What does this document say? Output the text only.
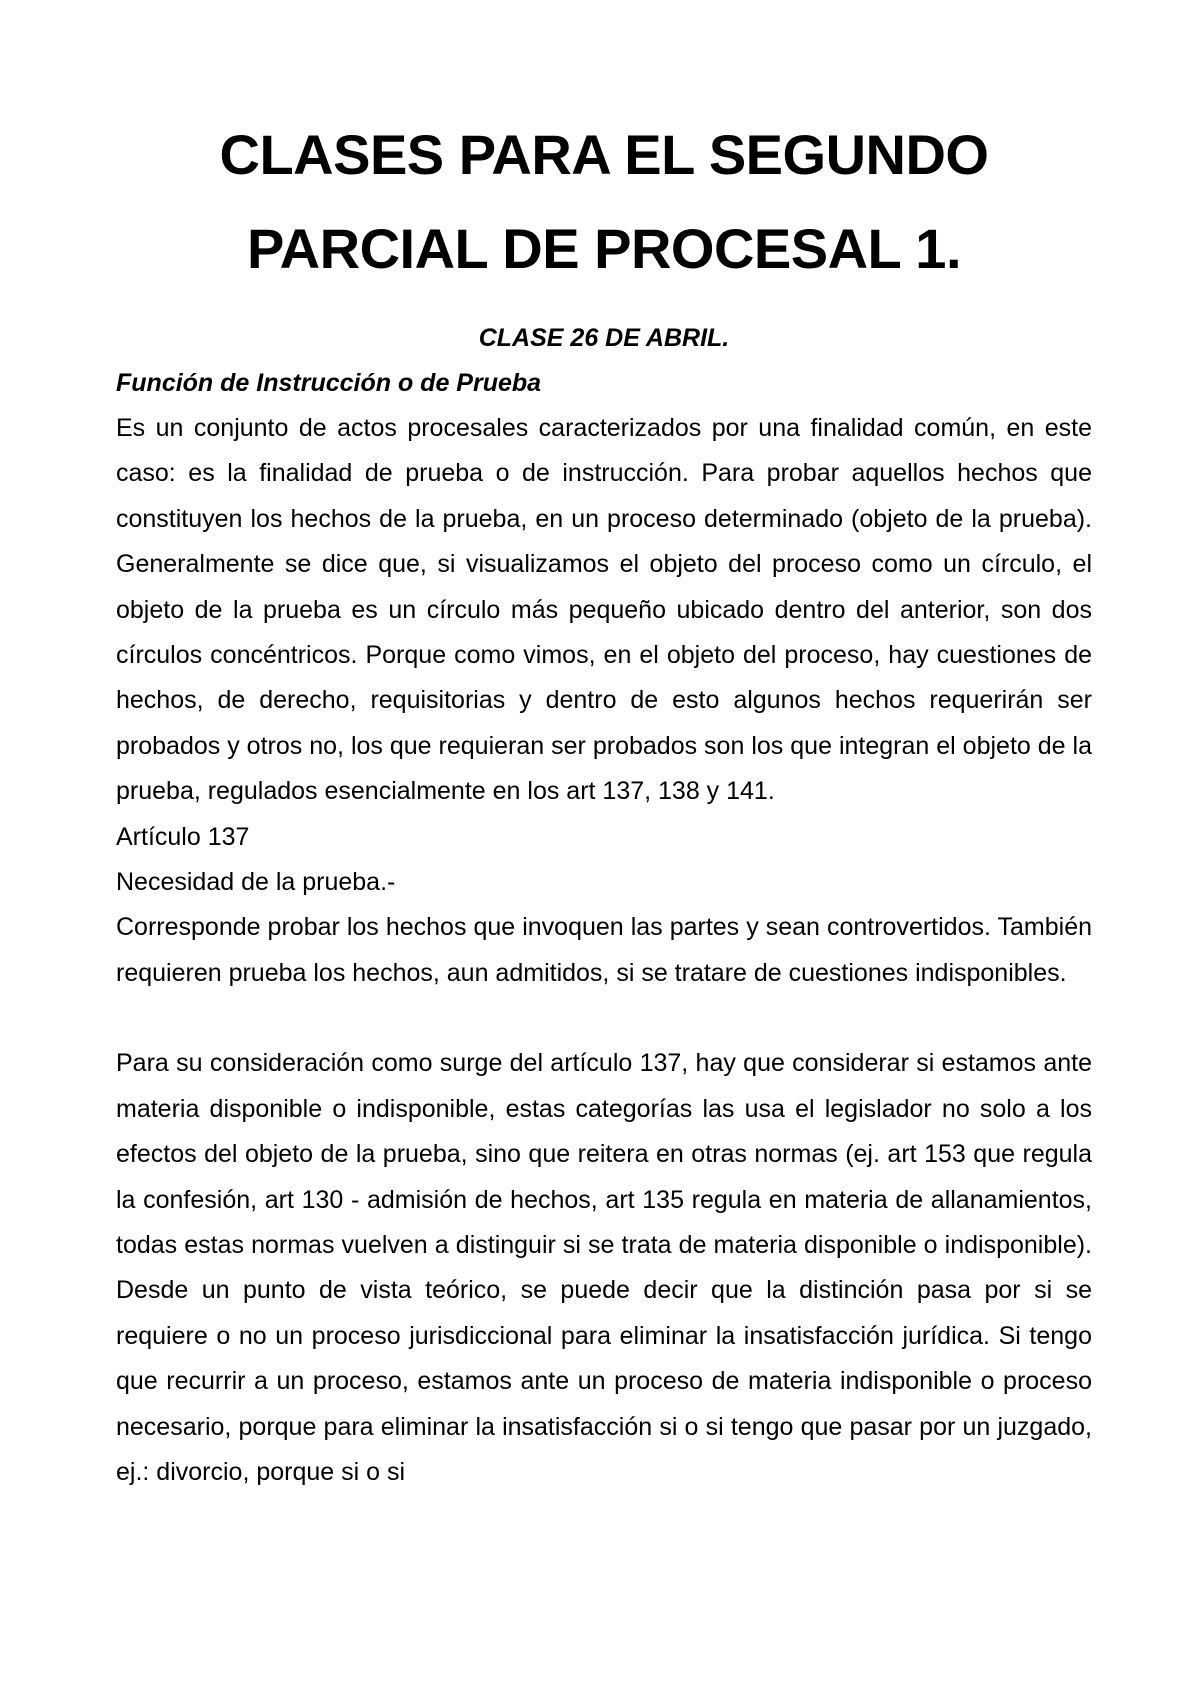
CLASES PARA EL SEGUNDO
PARCIAL DE PROCESAL 1.

CLASE 26 DE ABRIL.

Función de Instrucción o de Prueba

Es un conjunto de actos procesales caracterizados por una finalidad común, en este caso: es la finalidad de prueba o de instrucción. Para probar aquellos hechos que constituyen los hechos de la prueba, en un proceso determinado (objeto de la prueba). Generalmente se dice que, si visualizamos el objeto del proceso como un círculo, el objeto de la prueba es un círculo más pequeño ubicado dentro del anterior, son dos círculos concéntricos. Porque como vimos, en el objeto del proceso, hay cuestiones de hechos, de derecho, requisitorias y dentro de esto algunos hechos requerirán ser probados y otros no, los que requieran ser probados son los que integran el objeto de la prueba, regulados esencialmente en los art 137, 138 y 141.

Artículo 137

Necesidad de la prueba.-

Corresponde probar los hechos que invoquen las partes y sean controvertidos. También requieren prueba los hechos, aun admitidos, si se tratare de cuestiones indisponibles.

Para su consideración como surge del artículo 137, hay que considerar si estamos ante materia disponible o indisponible, estas categorías las usa el legislador no solo a los efectos del objeto de la prueba, sino que reitera en otras normas (ej. art 153 que regula la confesión, art 130 - admisión de hechos, art 135 regula en materia de allanamientos, todas estas normas vuelven a distinguir si se trata de materia disponible o indisponible). Desde un punto de vista teórico, se puede decir que la distinción pasa por si se requiere o no un proceso jurisdiccional para eliminar la insatisfacción jurídica. Si tengo que recurrir a un proceso, estamos ante un proceso de materia indisponible o proceso necesario, porque para eliminar la insatisfacción si o si tengo que pasar por un juzgado, ej.: divorcio, porque si o si
